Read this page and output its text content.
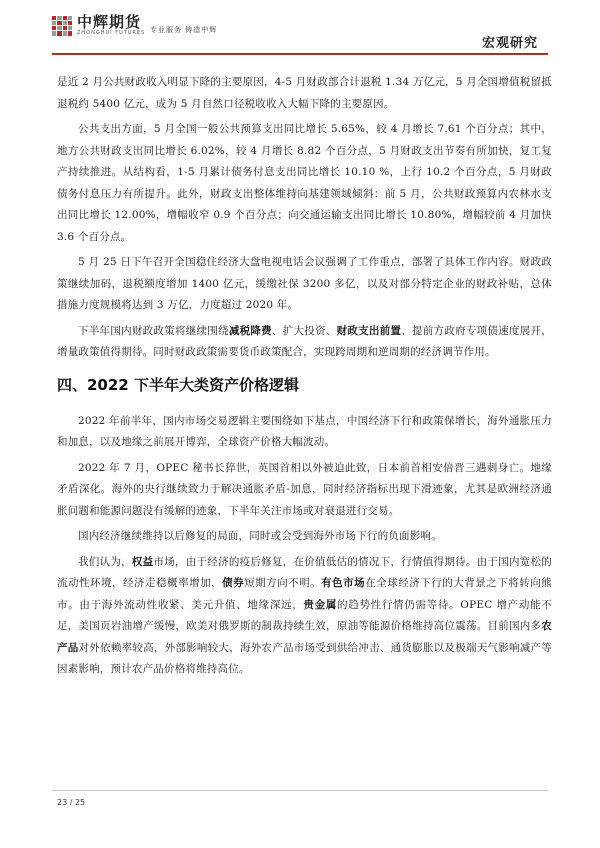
中辉期货
ZHONGHUI FUTURES 专业服务 铸造中辉
宏观研究

是近 2 月公共财政收入明显下降的主要原因，4-5 月财政部合计退税 1.34 万亿元，5 月全国增值税留抵退税约 5400 亿元，成为 5 月自然口径税收收入大幅下降的主要原因。

公共支出方面，5 月全国一般公共预算支出同比增长 5.65%，较 4 月增长 7.61 个百分点；其中，地方公共财政支出同比增长 6.02%，较 4 月增长 8.82 个百分点，5 月财政支出节奏有所加快，复工复产持续推进。从结构看，1-5 月累计债务付息支出同比增长 10.10 %，上行 10.2 个百分点，5 月财政债务付息压力有所提升。此外，财政支出整体维持向基建领域倾斜：前 5 月，公共财政预算内农林水支出同比增长 12.00%，增幅收窄 0.9 个百分点；向交通运输支出同比增长 10.80%，增幅较前 4 月加快 3.6 个百分点。

5 月 25 日下午召开全国稳住经济大盘电视电话会议强调了工作重点，部署了具体工作内容。财政政策继续加码，退税额度增加 1400 亿元，缓缴社保 3200 多亿，以及对部分特定企业的财政补贴，总体措施力度规模将达到 3 万亿，力度超过 2020 年。

下半年国内财政政策将继续围绕减税降费、扩大投资、财政支出前置、提前方政府专项债速度展开，增量政策值得期待。同时财政政策需要货币政策配合，实现跨周期和逆周期的经济调节作用。

四、2022 下半年大类资产价格逻辑

2022 年前半年，国内市场交易逻辑主要围绕如下基点，中国经济下行和政策保增长，海外通胀压力和加息，以及地缘之前展开博弈，全球资产价格大幅波动。

2022 年 7 月，OPEC 秘书长猝世，英国首相以外被迫此致，日本前首相安倍晋三遇刺身亡。地缘矛盾深化。海外的央行继续致力于解决通胀矛盾-加息，同时经济指标出现下滑迹象，尤其是欧洲经济通胀问题和能源问题没有缓解的迹象，下半年关注市场或对衰退进行交易。

国内经济继续维持以后修复的局面，同时或会受到海外市场下行的负面影响。

我们认为，权益市场，由于经济的疫后修复，在价值低估的情况下，行情值得期待。由于国内宽松的流动性环境，经济走稳概率增加，债券短期方向不明。有色市场在全球经济下行的大背景之下将转向熊市。由于海外流动性收紧、美元升值、地缘深远，贵金属的趋势性行情仍需等待。OPEC 增产动能不足，美国页岩油增产缓慢，欧美对俄罗斯的制裁持续生效，原油等能源价格维持高位震荡。目前国内多农产品对外依赖率较高，外部影响较大，海外农产品市场受到供给冲击、通货膨胀以及极端天气影响减产等因素影响，预计农产品价格将维持高位。

23 / 25
